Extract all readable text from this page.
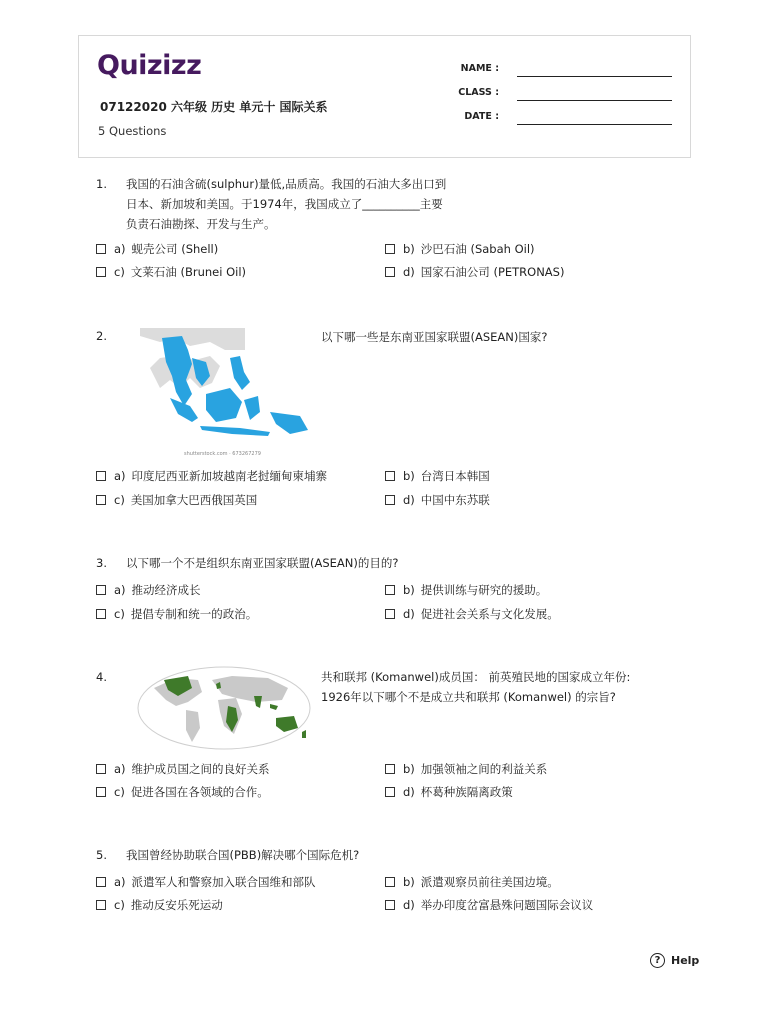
Quizizz
07122020 六年级 历史 单元十 国际关系
5 Questions
NAME :
CLASS :
DATE :
1. 我国的石油含硫(sulphur)量低,品质高。我国的石油大多出口到
日本、新加坡和美国。于1974年，我国成立了__________主要
负责石油勘探、开发与生产。
a) 蚬壳公司 (Shell)	b) 沙巴石油 (Sabah Oil)
c) 文莱石油 (Brunei Oil)	d) 国家石油公司 (PETRONAS)
2.
shutterstock.com · 673267279
以下哪一些是东南亚国家联盟(ASEAN)国家?
a) 印度尼西亚新加坡越南老挝缅甸柬埔寨	b) 台湾日本韩国
c) 美国加拿大巴西俄国英国	d) 中国中东苏联
3. 以下哪一个不是组织东南亚国家联盟(ASEAN)的目的?
a) 推动经济成长	b) 提供训练与研究的援助。
c) 提倡专制和统一的政治。	d) 促进社会关系与文化发展。
4.	共和联邦 (Komanwel)成员国： 前英殖民地的国家成立年份:
1926年以下哪个不是成立共和联邦 (Komanwel) 的宗旨?
a) 维护成员国之间的良好关系	b) 加强领袖之间的利益关系
c) 促进各国在各领域的合作。	d) 杯葛种族隔离政策
5. 我国曾经协助联合国(PBB)解决哪个国际危机?
a) 派遣军人和警察加入联合国维和部队	b) 派遣观察员前往美国边境。
c) 推动反安乐死运动	d) 举办印度岔富悬殊问题国际会议议
? Help
